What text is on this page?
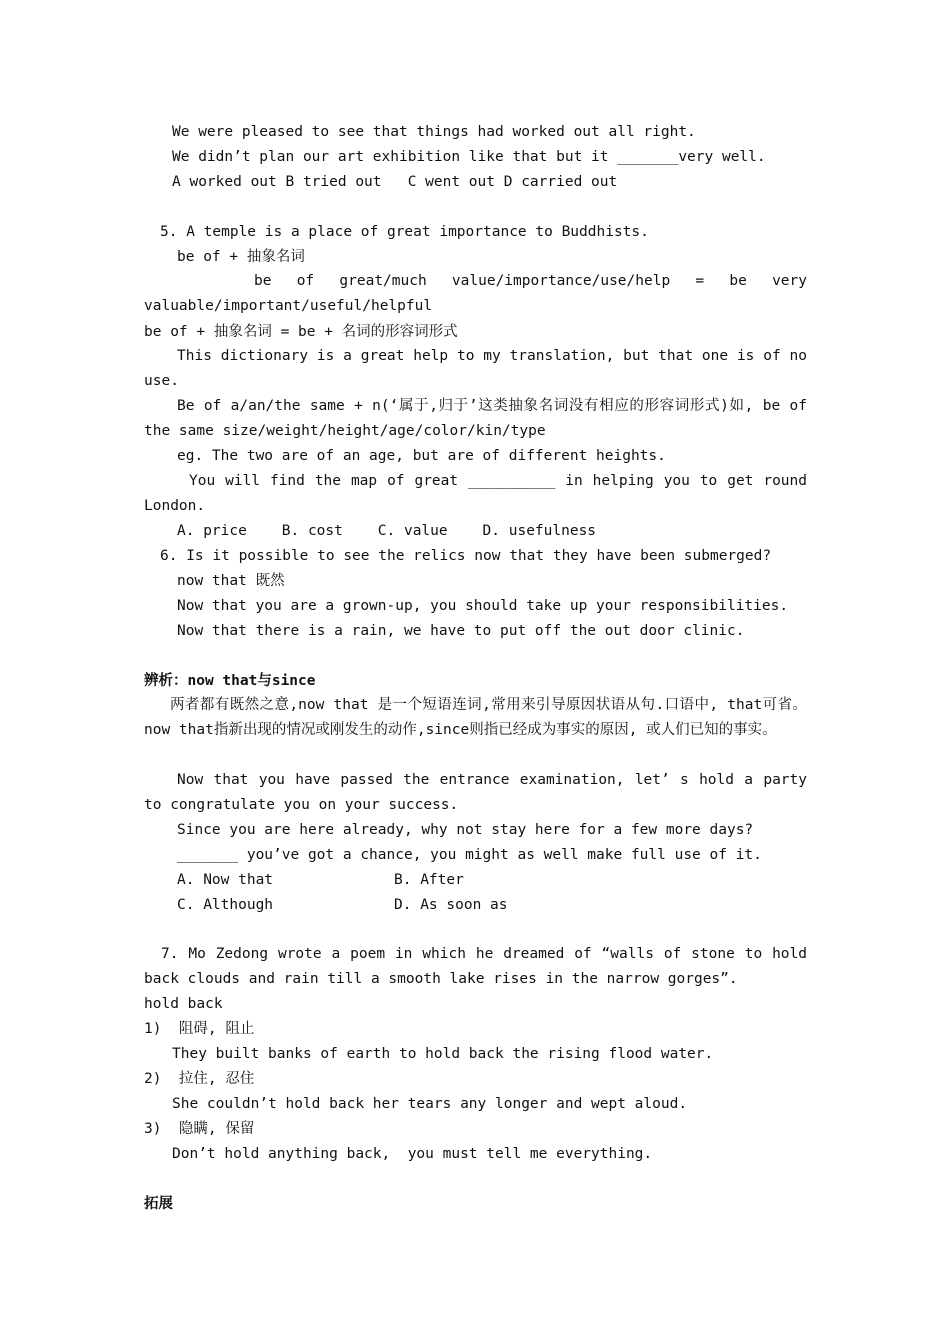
We were pleased to see that things had worked out all right.
We didn’t plan our art exhibition like that but it _______very well.
A worked out B tried out   C went out D carried out
5. A temple is a place of great importance to Buddhists.
be of + 抽象名词
be of great/much value/importance/use/help = be very valuable/important/useful/helpful
be of + 抽象名词 = be + 名词的形容词形式
This dictionary is a great help to my translation, but that one is of no use.
Be of a/an/the same + n(‘属于,归于’这类抽象名词没有相应的形容词形式)如, be of the same size/weight/height/age/color/kin/type
eg. The two are of an age, but are of different heights.
You will find the map of great __________ in helping you to get round London.
A. price    B. cost    C. value    D. usefulness
6. Is it possible to see the relics now that they have been submerged?
now that 既然
Now that you are a grown-up, you should take up your responsibilities.
Now that there is a rain, we have to put off the out door clinic.
辨析：now that与since
两者都有既然之意,now that 是一个短语连词,常用来引导原因状语从句.口语中, that可省。now that指新出现的情况或刚发生的动作,since则指已经成为事实的原因, 或人们已知的事实。
Now that you have passed the entrance examination, let’ s hold a party to congratulate you on your success.
Since you are here already, why not stay here for a few more days?
_______ you’ve got a chance, you might as well make full use of it.
A. Now that	B. After
C. Although	D. As soon as
7. Mo Zedong wrote a poem in which he dreamed of “walls of stone to hold back clouds and rain till a smooth lake rises in the narrow gorges”.
hold back
1)  阻碍, 阻止
They built banks of earth to hold back the rising flood water.
2)  拉住, 忍住
She couldn’t hold back her tears any longer and wept aloud.
3)  隐瞒, 保留
Don’t hold anything back,  you must tell me everything.
拓展
